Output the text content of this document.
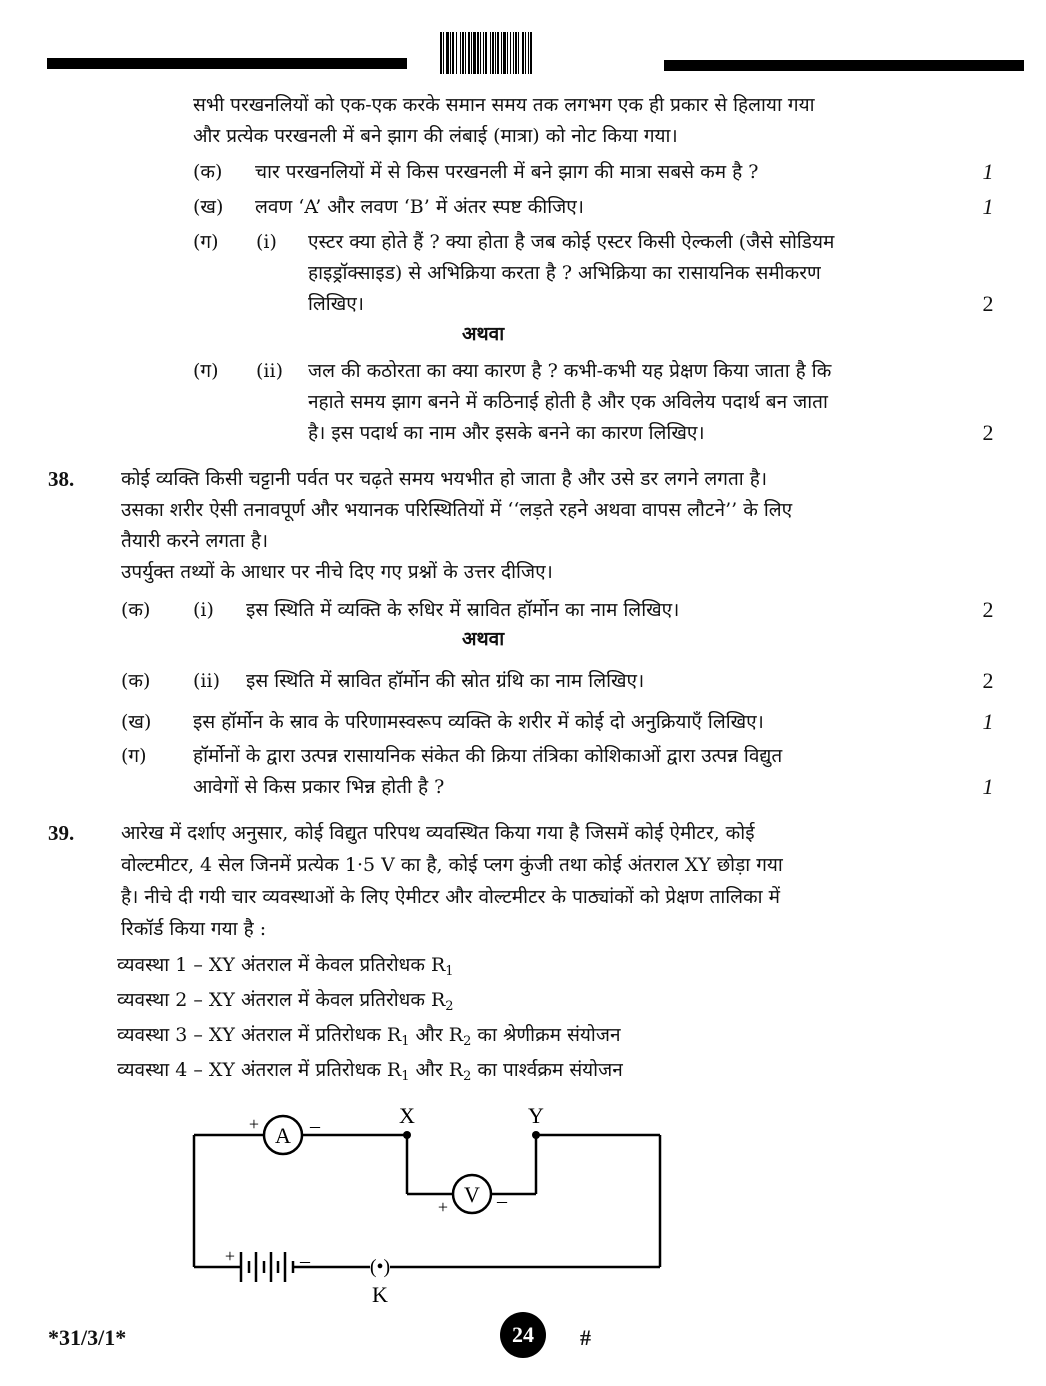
सभी परखनलियों को एक-एक करके समान समय तक लगभग एक ही प्रकार से हिलाया गया
और प्रत्येक परखनली में बने झाग की लंबाई (मात्रा) को नोट किया गया।
(क) चार परखनलियों में से किस परखनली में बने झाग की मात्रा सबसे कम है ?	1
(ख) लवण ‘A’ और लवण ‘B’ में अंतर स्पष्ट कीजिए।	1
(ग) (i) एस्टर क्या होते हैं ? क्या होता है जब कोई एस्टर किसी ऐल्कली (जैसे सोडियम
हाइड्रॉक्साइड) से अभिक्रिया करता है ? अभिक्रिया का रासायनिक समीकरण
लिखिए।	2
अथवा
(ग) (ii) जल की कठोरता का क्या कारण है ? कभी-कभी यह प्रेक्षण किया जाता है कि
नहाते समय झाग बनने में कठिनाई होती है और एक अविलेय पदार्थ बन जाता
है। इस पदार्थ का नाम और इसके बनने का कारण लिखिए।	2
38. कोई व्यक्ति किसी चट्टानी पर्वत पर चढ़ते समय भयभीत हो जाता है और उसे डर लगने लगता है।
उसका शरीर ऐसी तनावपूर्ण और भयानक परिस्थितियों में ‘‘लड़ते रहने अथवा वापस लौटने’’ के लिए
तैयारी करने लगता है।
उपर्युक्त तथ्यों के आधार पर नीचे दिए गए प्रश्नों के उत्तर दीजिए।
(क) (i) इस स्थिति में व्यक्ति के रुधिर में स्रावित हॉर्मोन का नाम लिखिए।	2
अथवा
(क) (ii) इस स्थिति में स्रावित हॉर्मोन की स्रोत ग्रंथि का नाम लिखिए।	2
(ख) इस हॉर्मोन के स्राव के परिणामस्वरूप व्यक्ति के शरीर में कोई दो अनुक्रियाएँ लिखिए।	1
(ग) हॉर्मोनों के द्वारा उत्पन्न रासायनिक संकेत की क्रिया तंत्रिका कोशिकाओं द्वारा उत्पन्न विद्युत
आवेगों से किस प्रकार भिन्न होती है ?	1
39. आरेख में दर्शाए अनुसार, कोई विद्युत परिपथ व्यवस्थित किया गया है जिसमें कोई ऐमीटर, कोई
वोल्टमीटर, 4 सेल जिनमें प्रत्येक 1·5 V का है, कोई प्लग कुंजी तथा कोई अंतराल XY छोड़ा गया
है। नीचे दी गयी चार व्यवस्थाओं के लिए ऐमीटर और वोल्टमीटर के पाठ्यांकों को प्रेक्षण तालिका में
रिकॉर्ड किया गया है :
व्यवस्था 1 – XY अंतराल में केवल प्रतिरोधक $R_1$
व्यवस्था 2 – XY अंतराल में केवल प्रतिरोधक $R_2$
व्यवस्था 3 – XY अंतराल में प्रतिरोधक $R_1$ और $R_2$ का श्रेणीक्रम संयोजन
व्यवस्था 4 – XY अंतराल में प्रतिरोधक $R_1$ और $R_2$ का पार्श्वक्रम संयोजन
A
V
X	Y
+	–
+ –
+	–	(•)
K
*31/3/1*	24 #
